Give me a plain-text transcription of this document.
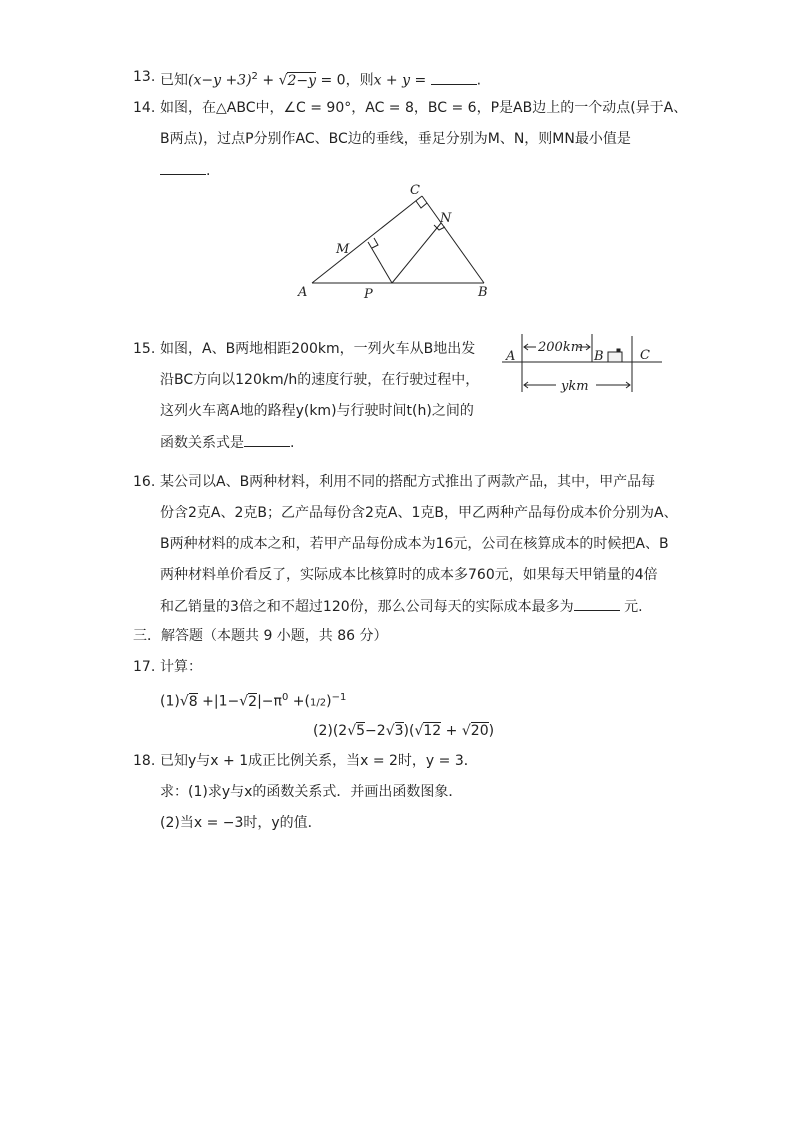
13. 已知$(x-y +3)^2 + √2-y = 0$，则x + y =	.
14. 如图，在△ABC中，∠C = 90°，AC = 8，BC = 6，P是AB边上的一个动点(异于A、
B两点)，过点P分别作AC、BC边的垂线，垂足分别为M、N，则MN最小值是
.
A	B
C
M
N
P
15. 如图，A、B两地相距200km，一列火车从B地出发
沿BC方向以120km/h的速度行驶，在行驶过程中，
这列火车离A地的路程y(km)与行驶时间t(h)之间的
函数关系式是	.
A	B	C
200km
ykm
16. 某公司以A、B两种材料，利用不同的搭配方式推出了两款产品，其中，甲产品每
份含2克A、2克B；乙产品每份含2克A、1克B，甲乙两种产品每份成本价分别为A、
B两种材料的成本之和，若甲产品每份成本为16元，公司在核算成本的时候把A、B
两种材料单价看反了，实际成本比核算时的成本多760元，如果每天甲销量的4倍
和乙销量的3倍之和不超过120份，那么公司每天的实际成本最多为	元.
三．解答题（本题共 9 小题，共 86 分）
17. 计算：
$(1)√8 +|1-√2|-\pi^0 +(1/2)^{-1}$
(2)(2√5−2√3)(√12 + √20)
18. 已知y与x + 1成正比例关系，当x = 2时，y = 3．
求：(1)求y与x的函数关系式．并画出函数图象．
(2)当x = −3时，y的值．
